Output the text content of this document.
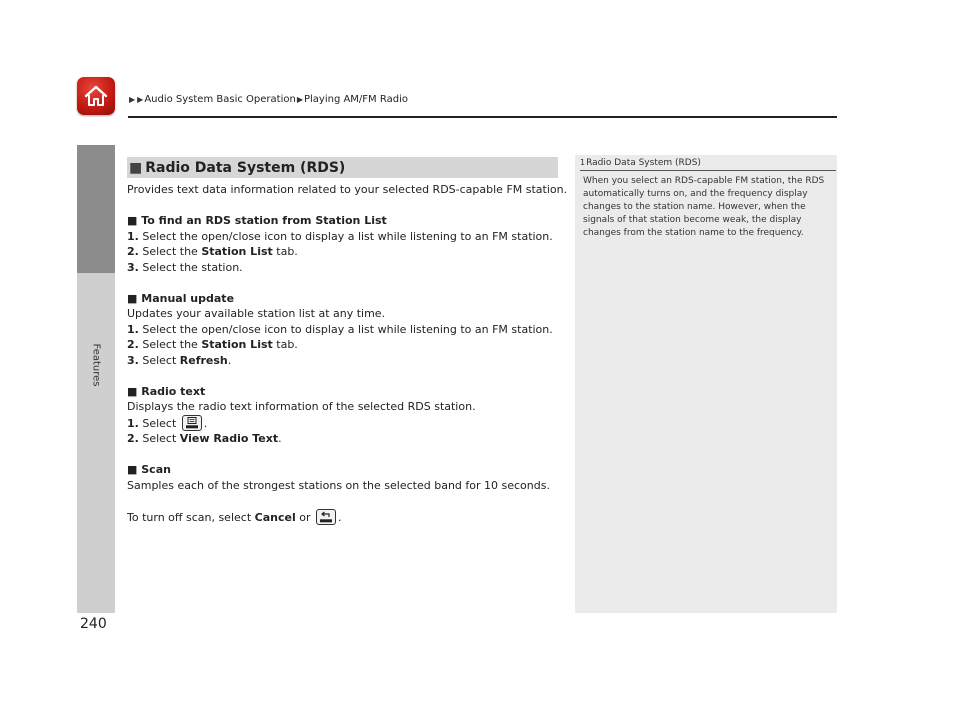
▶ ▶ Audio System Basic Operation ▶ Playing AM/FM Radio
Features
240
■ Radio Data System (RDS)

Provides text data information related to your selected RDS-capable FM station.

■ To find an RDS station from Station List

1. Select the open/close icon to display a list while listening to an FM station.

2. Select the Station List tab.

3. Select the station.

■ Manual update

Updates your available station list at any time.

1. Select the open/close icon to display a list while listening to an FM station.

2. Select the Station List tab.

3. Select Refresh.

■ Radio text

Displays the radio text information of the selected RDS station.

1. Select
.

2. Select View Radio Text.

■ Scan

Samples each of the strongest stations on the selected band for 10 seconds.

To turn off scan, select Cancel or
.

1Radio Data System (RDS)

When you select an RDS-capable FM station, the RDS

automatically turns on, and the frequency display

changes to the station name. However, when the

signals of that station become weak, the display

changes from the station name to the frequency.
